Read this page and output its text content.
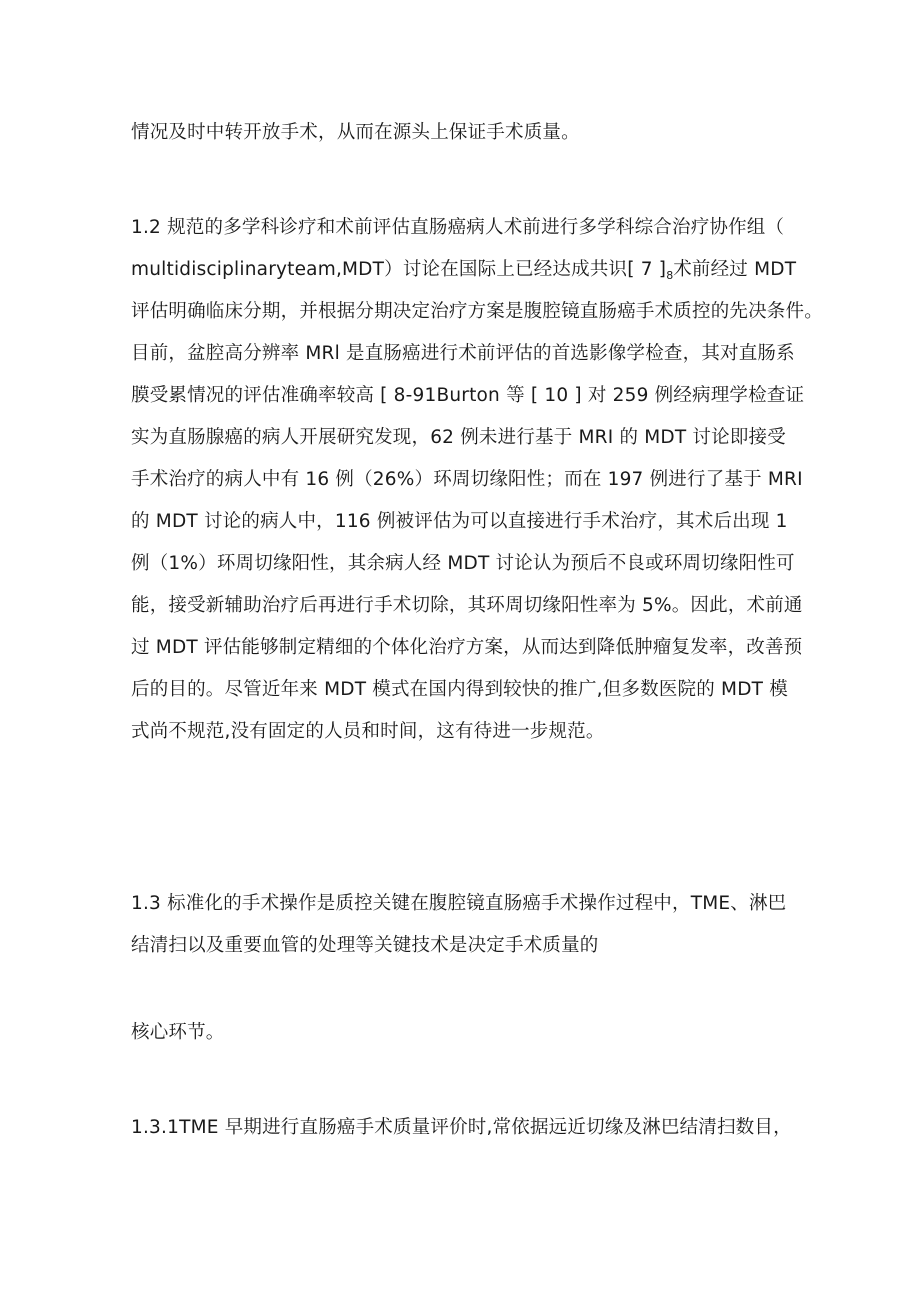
情况及时中转开放手术，从而在源头上保证手术质量。
1.2 规范的多学科诊疗和术前评估直肠癌病人术前进行多学科综合治疗协作组（
multidisciplinaryteam,MDT）讨论在国际上已经达成共识[ 7 ]$_8$术前经过 MDT
评估明确临床分期，并根据分期决定治疗方案是腹腔镜直肠癌手术质控的先决条件。
目前，盆腔高分辨率 MRl 是直肠癌进行术前评估的首选影像学检查，其对直肠系
膜受累情况的评估准确率较高 [ 8-91Burton 等 [ 10 ] 对 259 例经病理学检查证
实为直肠腺癌的病人开展研究发现，62 例未进行基于 MRI 的 MDT 讨论即接受
手术治疗的病人中有 16 例（26%）环周切缘阳性；而在 197 例进行了基于 MRI
的 MDT 讨论的病人中，116 例被评估为可以直接进行手术治疗，其术后出现 1
例（1%）环周切缘阳性，其余病人经 MDT 讨论认为预后不良或环周切缘阳性可
能，接受新辅助治疗后再进行手术切除，其环周切缘阳性率为 5%。因此，术前通
过 MDT 评估能够制定精细的个体化治疗方案，从而达到降低肿瘤复发率，改善预
后的目的。尽管近年来 MDT 模式在国内得到较快的推广,但多数医院的 MDT 模
式尚不规范,没有固定的人员和时间，这有待进一步规范。
1.3 标准化的手术操作是质控关键在腹腔镜直肠癌手术操作过程中，TME、淋巴
结清扫以及重要血管的处理等关键技术是决定手术质量的
核心环节。
1.3.1TME 早期进行直肠癌手术质量评价时,常依据远近切缘及淋巴结清扫数目，
